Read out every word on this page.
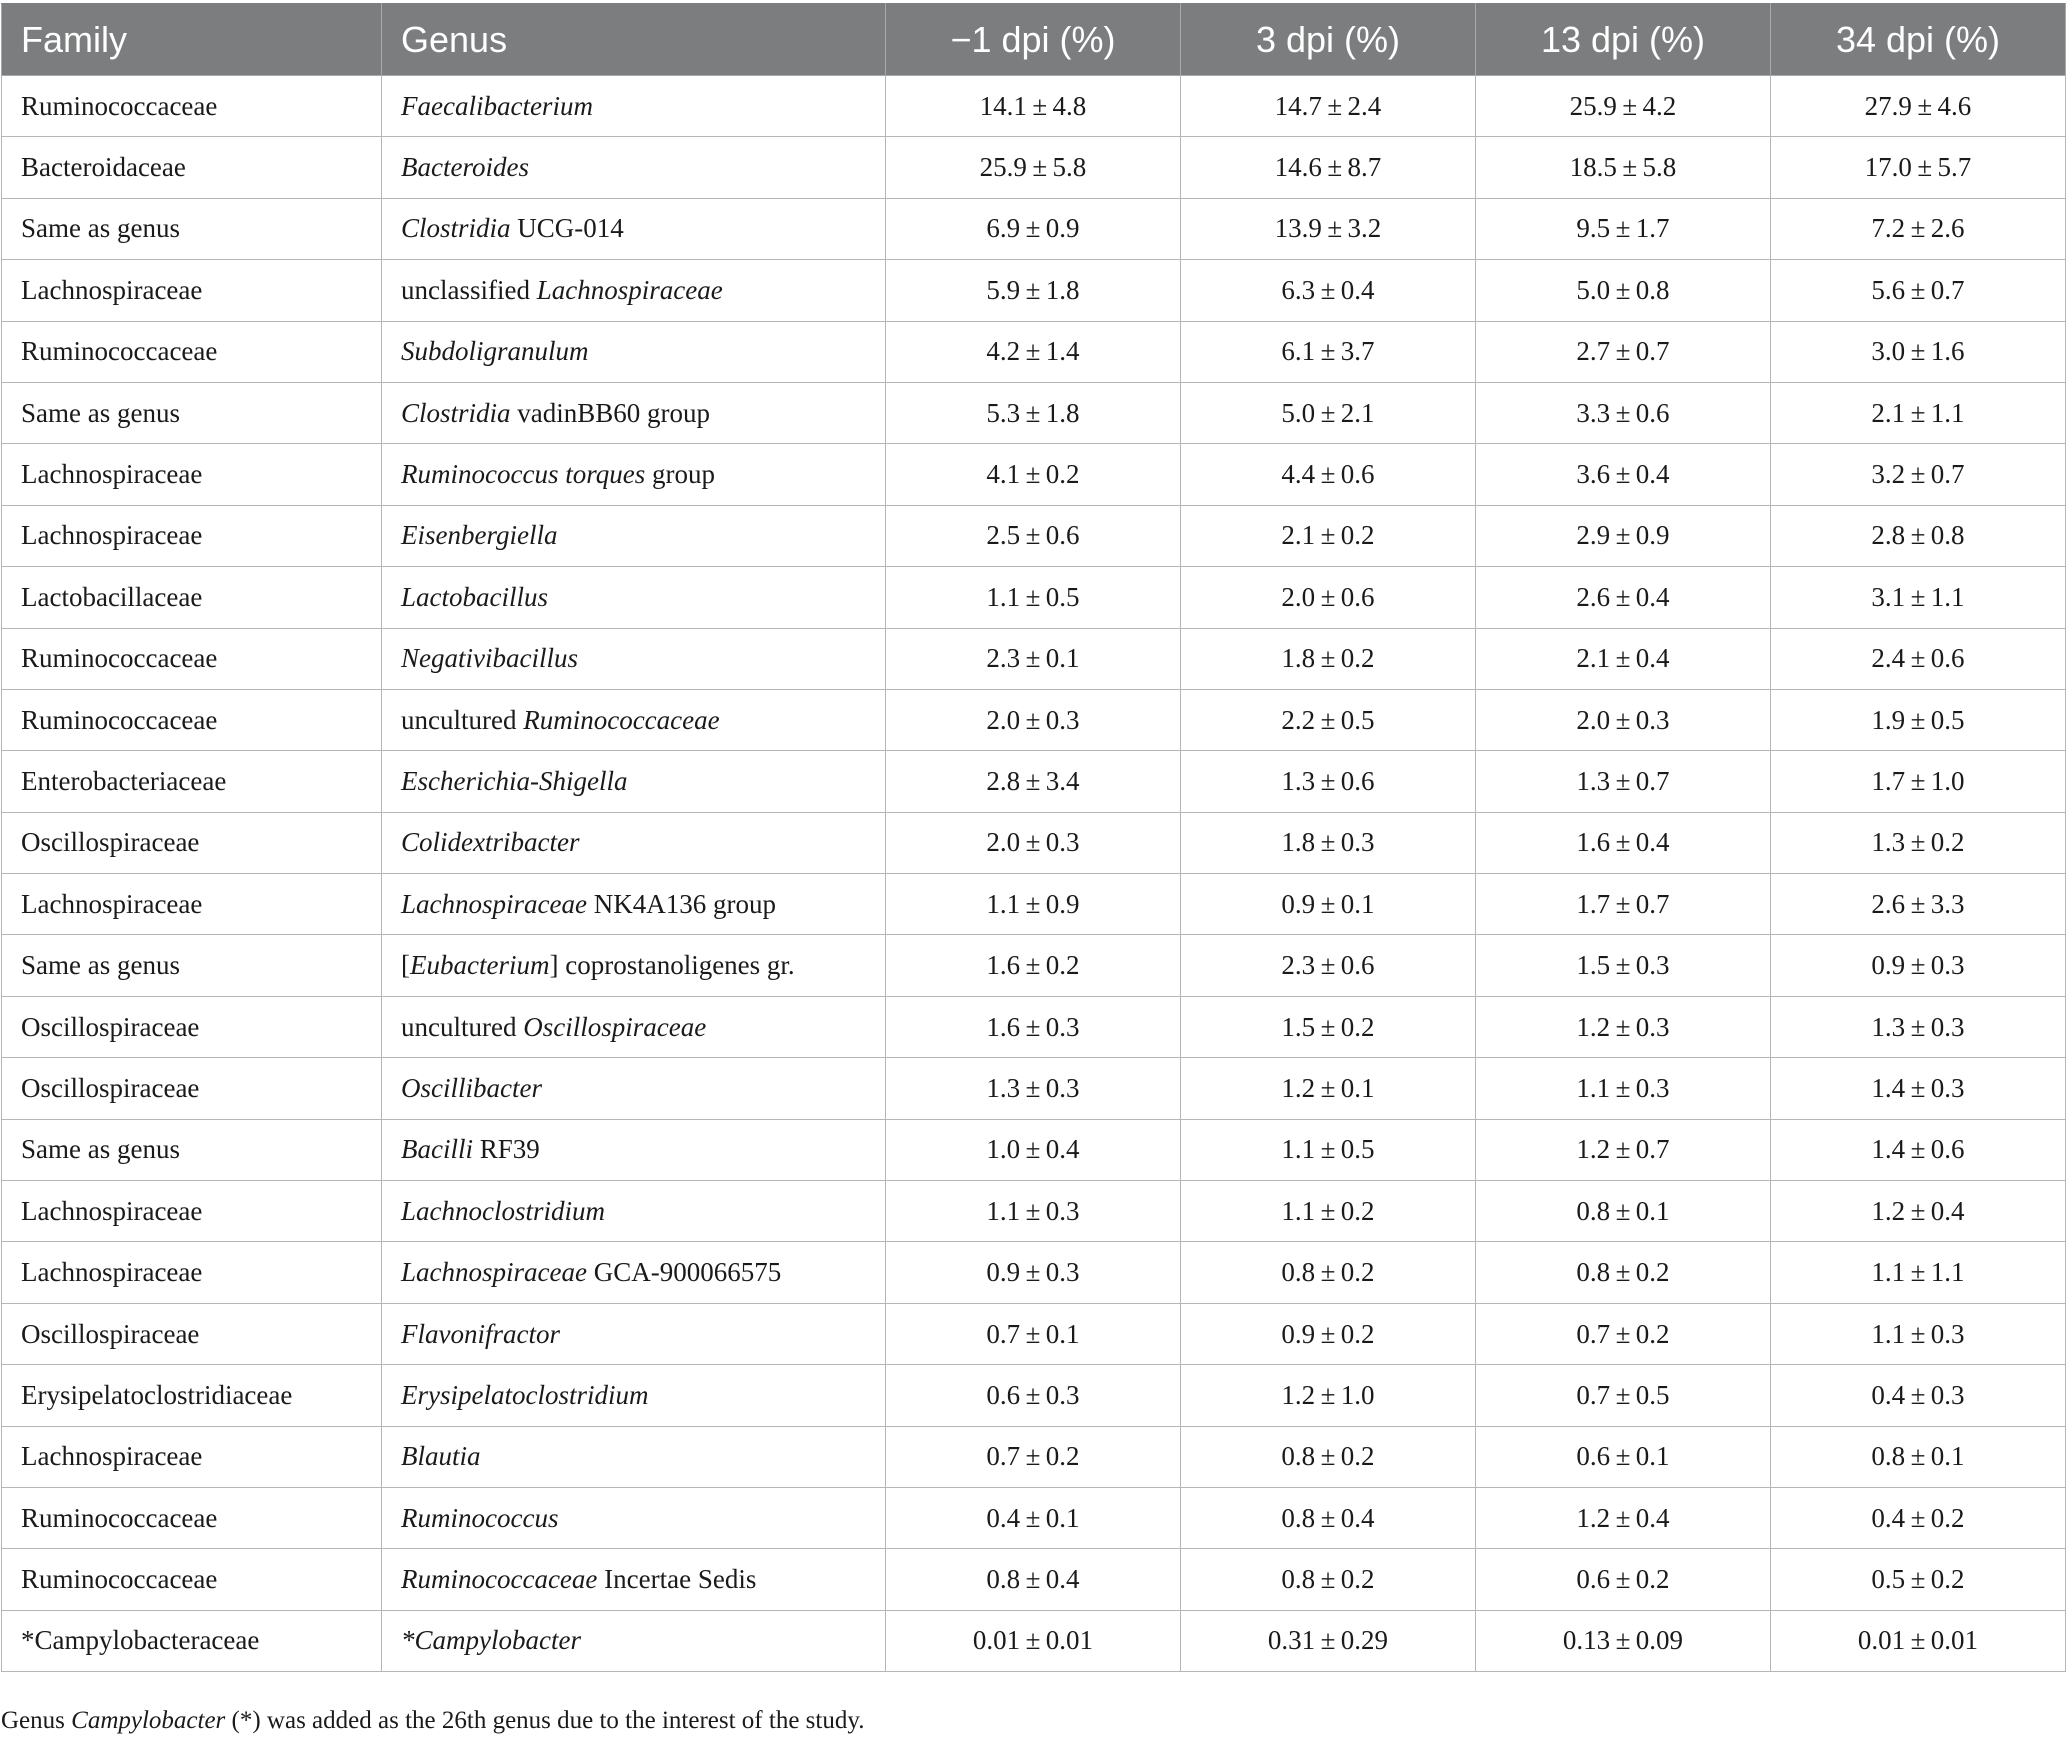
Family	Genus	−1 dpi (%)	3 dpi (%)	13 dpi (%)	34 dpi (%)
Ruminococcaceae	Faecalibacterium	14.1 ± 4.8	14.7 ± 2.4	25.9 ± 4.2	27.9 ± 4.6
Bacteroidaceae	Bacteroides	25.9 ± 5.8	14.6 ± 8.7	18.5 ± 5.8	17.0 ± 5.7
Same as genus	Clostridia UCG-014	6.9 ± 0.9	13.9 ± 3.2	9.5 ± 1.7	7.2 ± 2.6
Lachnospiraceae	unclassified Lachnospiraceae	5.9 ± 1.8	6.3 ± 0.4	5.0 ± 0.8	5.6 ± 0.7
Ruminococcaceae	Subdoligranulum	4.2 ± 1.4	6.1 ± 3.7	2.7 ± 0.7	3.0 ± 1.6
Same as genus	Clostridia vadinBB60 group	5.3 ± 1.8	5.0 ± 2.1	3.3 ± 0.6	2.1 ± 1.1
Lachnospiraceae	Ruminococcus torques group	4.1 ± 0.2	4.4 ± 0.6	3.6 ± 0.4	3.2 ± 0.7
Lachnospiraceae	Eisenbergiella	2.5 ± 0.6	2.1 ± 0.2	2.9 ± 0.9	2.8 ± 0.8
Lactobacillaceae	Lactobacillus	1.1 ± 0.5	2.0 ± 0.6	2.6 ± 0.4	3.1 ± 1.1
Ruminococcaceae	Negativibacillus	2.3 ± 0.1	1.8 ± 0.2	2.1 ± 0.4	2.4 ± 0.6
Ruminococcaceae	uncultured Ruminococcaceae	2.0 ± 0.3	2.2 ± 0.5	2.0 ± 0.3	1.9 ± 0.5
Enterobacteriaceae	Escherichia-Shigella	2.8 ± 3.4	1.3 ± 0.6	1.3 ± 0.7	1.7 ± 1.0
Oscillospiraceae	Colidextribacter	2.0 ± 0.3	1.8 ± 0.3	1.6 ± 0.4	1.3 ± 0.2
Lachnospiraceae	Lachnospiraceae NK4A136 group	1.1 ± 0.9	0.9 ± 0.1	1.7 ± 0.7	2.6 ± 3.3
Same as genus	[Eubacterium] coprostanoligenes gr.	1.6 ± 0.2	2.3 ± 0.6	1.5 ± 0.3	0.9 ± 0.3
Oscillospiraceae	uncultured Oscillospiraceae	1.6 ± 0.3	1.5 ± 0.2	1.2 ± 0.3	1.3 ± 0.3
Oscillospiraceae	Oscillibacter	1.3 ± 0.3	1.2 ± 0.1	1.1 ± 0.3	1.4 ± 0.3
Same as genus	Bacilli RF39	1.0 ± 0.4	1.1 ± 0.5	1.2 ± 0.7	1.4 ± 0.6
Lachnospiraceae	Lachnoclostridium	1.1 ± 0.3	1.1 ± 0.2	0.8 ± 0.1	1.2 ± 0.4
Lachnospiraceae	Lachnospiraceae GCA-900066575	0.9 ± 0.3	0.8 ± 0.2	0.8 ± 0.2	1.1 ± 1.1
Oscillospiraceae	Flavonifractor	0.7 ± 0.1	0.9 ± 0.2	0.7 ± 0.2	1.1 ± 0.3
Erysipelatoclostridiaceae	Erysipelatoclostridium	0.6 ± 0.3	1.2 ± 1.0	0.7 ± 0.5	0.4 ± 0.3
Lachnospiraceae	Blautia	0.7 ± 0.2	0.8 ± 0.2	0.6 ± 0.1	0.8 ± 0.1
Ruminococcaceae	Ruminococcus	0.4 ± 0.1	0.8 ± 0.4	1.2 ± 0.4	0.4 ± 0.2
Ruminococcaceae	Ruminococcaceae Incertae Sedis	0.8 ± 0.4	0.8 ± 0.2	0.6 ± 0.2	0.5 ± 0.2
*Campylobacteraceae	*Campylobacter	0.01 ± 0.01	0.31 ± 0.29	0.13 ± 0.09	0.01 ± 0.01
Genus Campylobacter (*) was added as the 26th genus due to the interest of the study.
